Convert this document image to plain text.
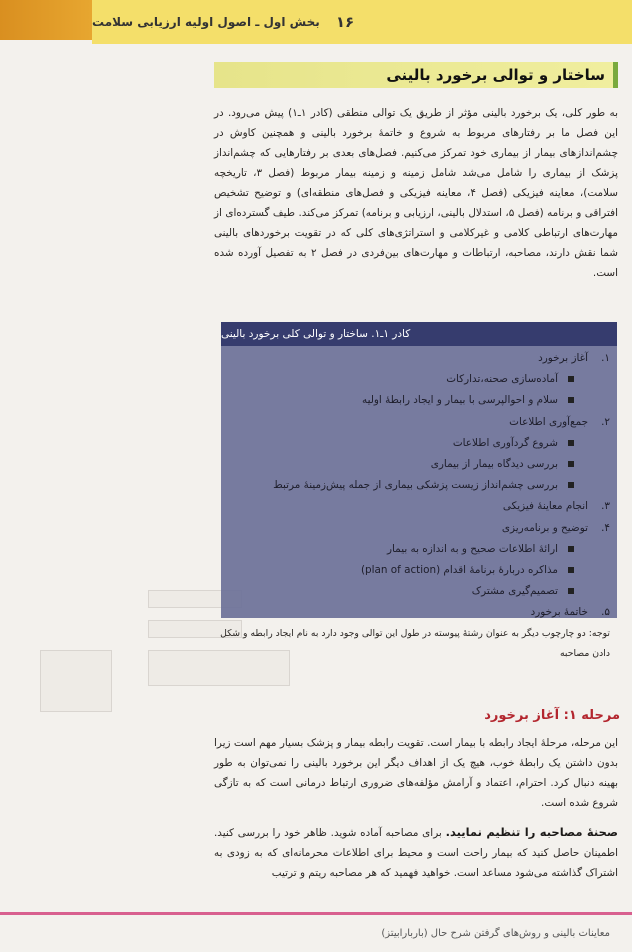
۱۶
بخش اول ـ اصول اولیه ارزیابی سلامت
ساختار و توالی برخورد بالینی
به طور کلی، یک برخورد بالینی مؤثر از طریق یک توالی منطقی (کادر ۱ـ۱) پیش می‌رود. در این فصل ما بر رفتارهای مربوط به شروع و خاتمهٔ برخورد بالینی و همچنین کاوش در چشم‌اندازهای بیمار از بیماری خود تمرکز می‌کنیم. فصل‌های بعدی بر رفتارهایی که چشم‌انداز پزشک از بیماری را شامل می‌شد شامل زمینه و زمینه بیمار مربوط (فصل ۳، تاریخچه سلامت)، معاینه فیزیکی (فصل ۴، معاینه فیزیکی و فصل‌های منطقه‌ای) و توضیح تشخیص افتراقی و برنامه (فصل ۵، استدلال بالینی، ارزیابی و برنامه) تمرکز می‌کند. طیف گسترده‌ای از مهارت‌های ارتباطی کلامی و غیرکلامی و استراتژی‌های کلی که در تقویت برخوردهای بالینی شما نقش دارند، مصاحبه، ارتباطات و مهارت‌های بین‌فردی در فصل ۲ به تفصیل آورده شده است.
کادر ۱ـ۱. ساختار و توالی کلی برخورد بالینی
۱.آغاز برخورد
آماده‌سازی صحنه،تدارکات
سلام و احوالپرسی با بیمار و ایجاد رابطهٔ اولیه
۲.جمع‌آوری اطلاعات
شروع گردآوری اطلاعات
بررسی دیدگاه بیمار از بیماری
بررسی چشم‌انداز زیست پزشکی بیماری از جمله پیش‌زمینهٔ مرتبط
۳.انجام معاینهٔ فیزیکی
۴.توضیح و برنامه‌ریزی
ارائهٔ اطلاعات صحیح و به اندازه به بیمار
مذاکره دربارهٔ برنامهٔ اقدام (plan of action)
تصمیم‌گیری مشترک
۵.خاتمهٔ برخورد
توجه: دو چارچوب دیگر به عنوان رشتهٔ پیوسته در طول این توالی وجود دارد به نام ایجاد رابطه و شکل دادن مصاحبه
مرحله ۱: آغاز برخورد
این مرحله، مرحلهٔ ایجاد رابطه با بیمار است. تقویت رابطه بیمار و پزشک بسیار مهم است زیرا بدون داشتن یک رابطهٔ خوب، هیچ یک از اهداف دیگر این برخورد بالینی را نمی‌توان به طور بهینه دنبال کرد. احترام، اعتماد و آرامش مؤلفه‌های ضروری ارتباط درمانی است که به تازگی شروع شده است.
صحنهٔ مصاحبه را تنظیم نمایید. برای مصاحبه آماده شوید. ظاهر خود را بررسی کنید. اطمینان حاصل کنید که بیمار راحت است و محیط برای اطلاعات محرمانه‌ای که به زودی به اشتراک گذاشته می‌شود مساعد است. خواهید فهمید که هر مصاحبه ریتم و ترتیب
معاینات بالینی و روش‌های گرفتن شرح حال (باربارابیتز)
